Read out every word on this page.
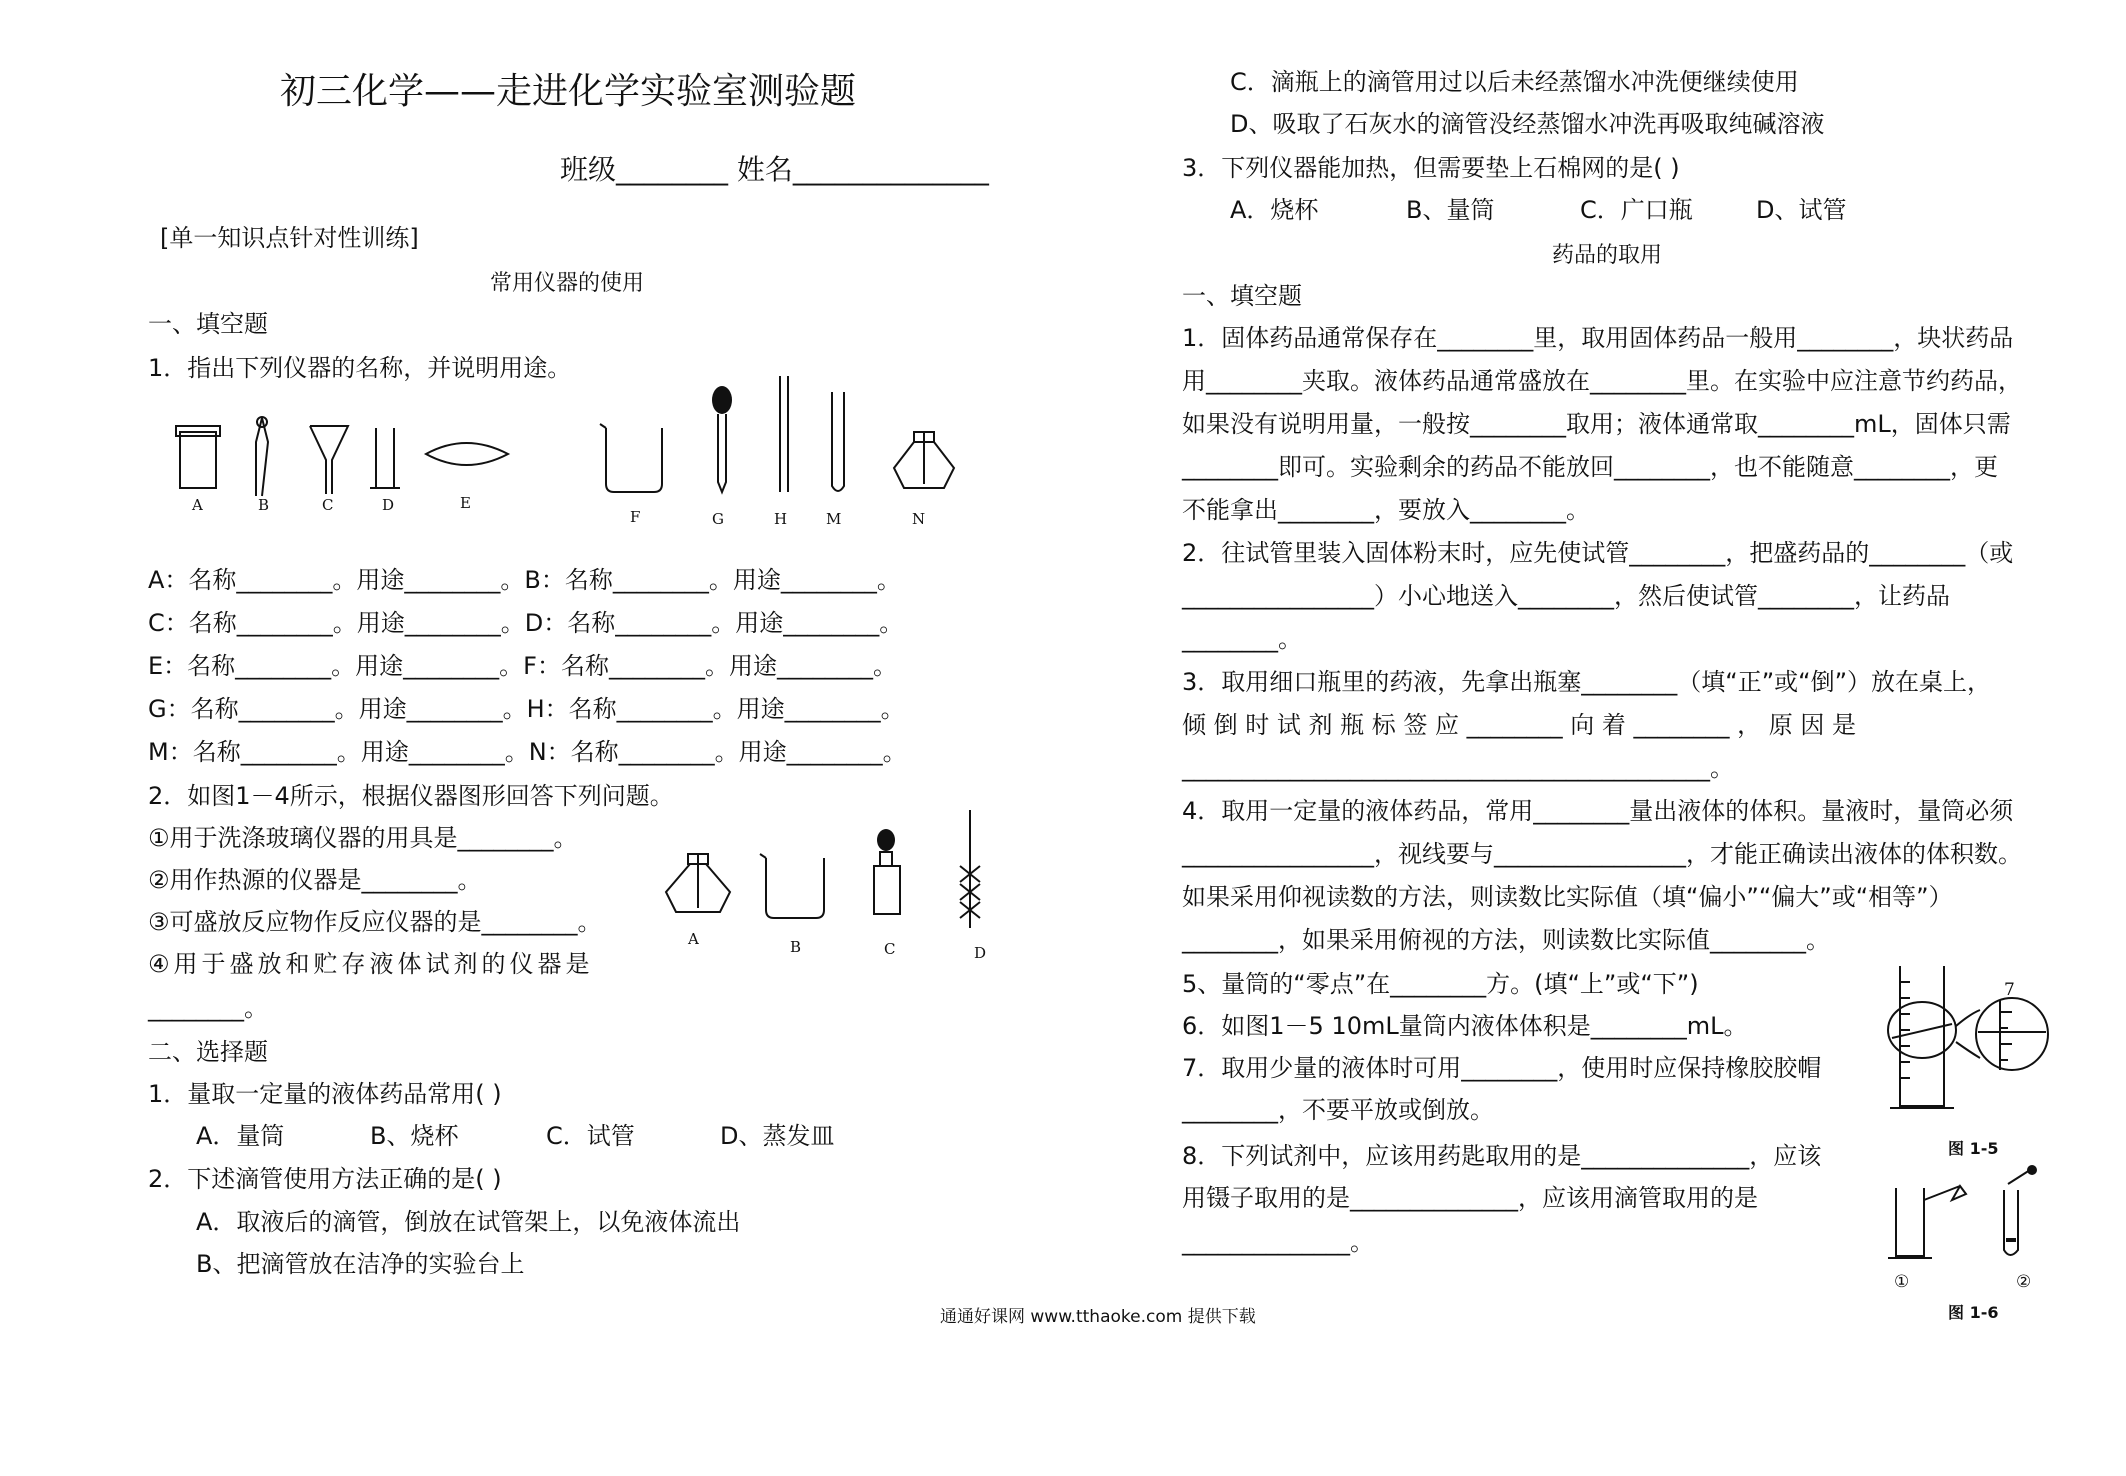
初三化学——走进化学实验室测验题
班级________ 姓名______________
[单一知识点针对性训练]
常用仪器的使用
一、填空题
1．指出下列仪器的名称，并说明用途。
A	B	C	D	E
F	G	H	M	N
A：名称________。用途________。B：名称________。用途________。
C：名称________。用途________。D：名称________。用途________。
E：名称________。用途________。F：名称________。用途________。
G：名称________。用途________。H：名称________。用途________。
M：名称________。用途________。N：名称________。用途________。
2．如图1－4所示，根据仪器图形回答下列问题。
①用于洗涤玻璃仪器的用具是________。
②用作热源的仪器是________。
③可盛放反应物作反应仪器的是________。
④用于盛放和贮存液体试剂的仪器是
________。
A	B	C	D
二、选择题
1．量取一定量的液体药品常用( )
A．量筒	B、烧杯	C．试管	D、蒸发皿
2．下述滴管使用方法正确的是( )
A．取液后的滴管，倒放在试管架上，以免液体流出
B、把滴管放在洁净的实验台上
C．滴瓶上的滴管用过以后未经蒸馏水冲洗便继续使用
D、吸取了石灰水的滴管没经蒸馏水冲洗再吸取纯碱溶液
3．下列仪器能加热，但需要垫上石棉网的是( )
A．烧杯	B、量筒	C．广口瓶	D、试管
药品的取用
一、填空题
1．固体药品通常保存在________里，取用固体药品一般用________，块状药品
用________夹取。液体药品通常盛放在________里。在实验中应注意节约药品，
如果没有说明用量，一般按________取用；液体通常取________mL，固体只需
________即可。实验剩余的药品不能放回________，也不能随意________，更
不能拿出________，要放入________。
2．往试管里装入固体粉末时，应先使试管________，把盛药品的________（或
________________）小心地送入________，然后使试管________，让药品
________。
3．取用细口瓶里的药液，先拿出瓶塞________（填“正”或“倒”）放在桌上，
倾 倒 时 试 剂 瓶 标 签 应 ________ 向 着 ________ ， 原 因 是
____________________________________________。
4．取用一定量的液体药品，常用________量出液体的体积。量液时，量筒必须
________________，视线要与________________，才能正确读出液体的体积数。
如果采用仰视读数的方法，则读数比实际值（填“偏小”“偏大”或“相等”）
________，如果采用俯视的方法，则读数比实际值________。
5、量筒的“零点”在________方。(填“上”或“下”)
6．如图1－5 10mL量筒内液体体积是________mL。
7．取用少量的液体时可用________，使用时应保持橡胶胶帽
________，不要平放或倒放。
8．下列试剂中，应该用药匙取用的是______________，应该
用镊子取用的是______________，应该用滴管取用的是
______________。
7
图 1-5
①	②
图 1-6
通通好课网 www.tthaoke.com 提供下载
